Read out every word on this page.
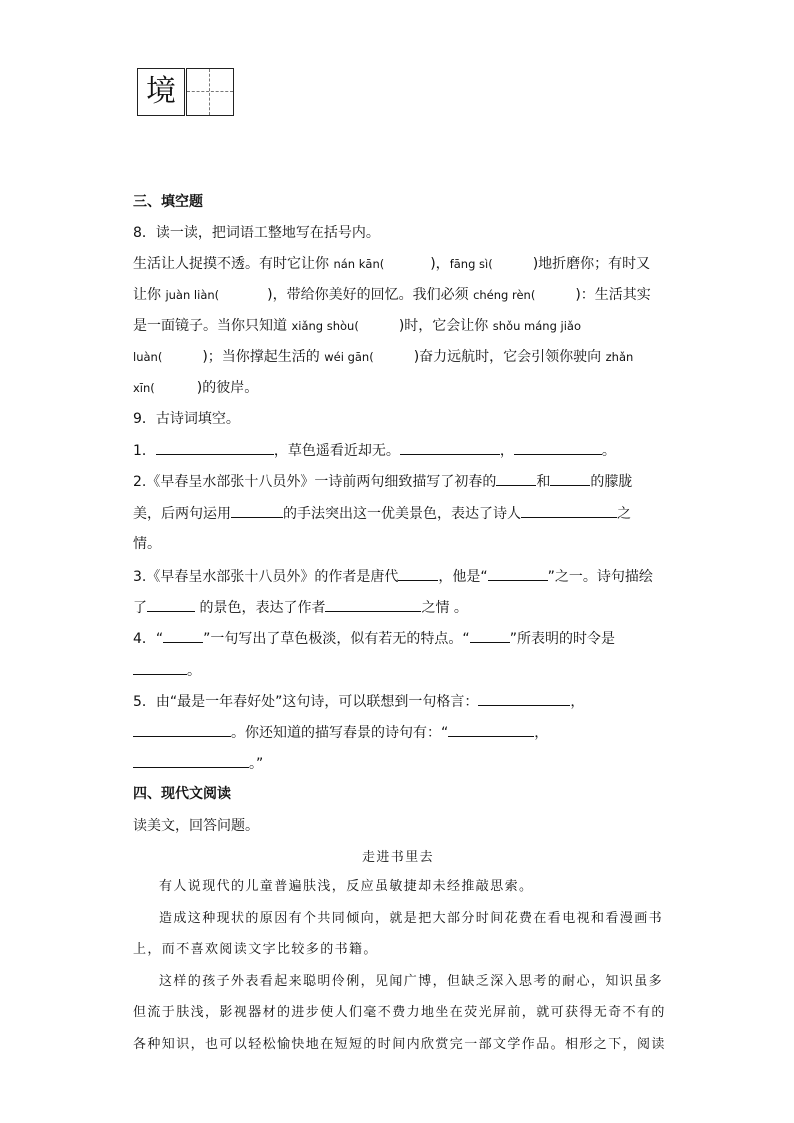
境
三、填空题
8．读一读，把词语工整地写在括号内。
生活让人捉摸不透。有时它让你 nán kān(	)，fāng sì(	)地折磨你；有时又
让你 juàn liàn(	)，带给你美好的回忆。我们必须 chéng rèn(	)：生活其实
是一面镜子。当你只知道 xiǎng shòu(	)时，它会让你 shǒu máng jiǎo
luàn(	)；当你撑起生活的 wéi gān(	)奋力远航时，它会引领你驶向 zhǎn
xīn(	)的彼岸。
9．古诗词填空。
1．	，草色遥看近却无。	，	。
2.《早春呈水部张十八员外》一诗前两句细致描写了初春的	和	的朦胧
美，后两句运用	的手法突出这一优美景色，表达了诗人	之
情。
3.《早春呈水部张十八员外》的作者是唐代	，他是“	”之一。诗句描绘
了	的景色，表达了作者	之情 。
4．“	”一句写出了草色极淡，似有若无的特点。“	”所表明的时令是
。
5．由“最是一年春好处”这句诗，可以联想到一句格言：	，
。你还知道的描写春景的诗句有：“	，
。”
四、现代文阅读
读美文，回答问题。
走进书里去
有人说现代的儿童普遍肤浅，反应虽敏捷却未经推敲思索。
造成这种现状的原因有个共同倾向，就是把大部分时间花费在看电视和看漫画书
上，而不喜欢阅读文字比较多的书籍。
这样的孩子外表看起来聪明伶俐，见闻广博，但缺乏深入思考的耐心，知识虽多
但流于肤浅，影视器材的进步使人们毫不费力地坐在荧光屏前，就可获得无奇不有的
各种知识，也可以轻松愉快地在短短的时间内欣赏完一部文学作品。相形之下，阅读
